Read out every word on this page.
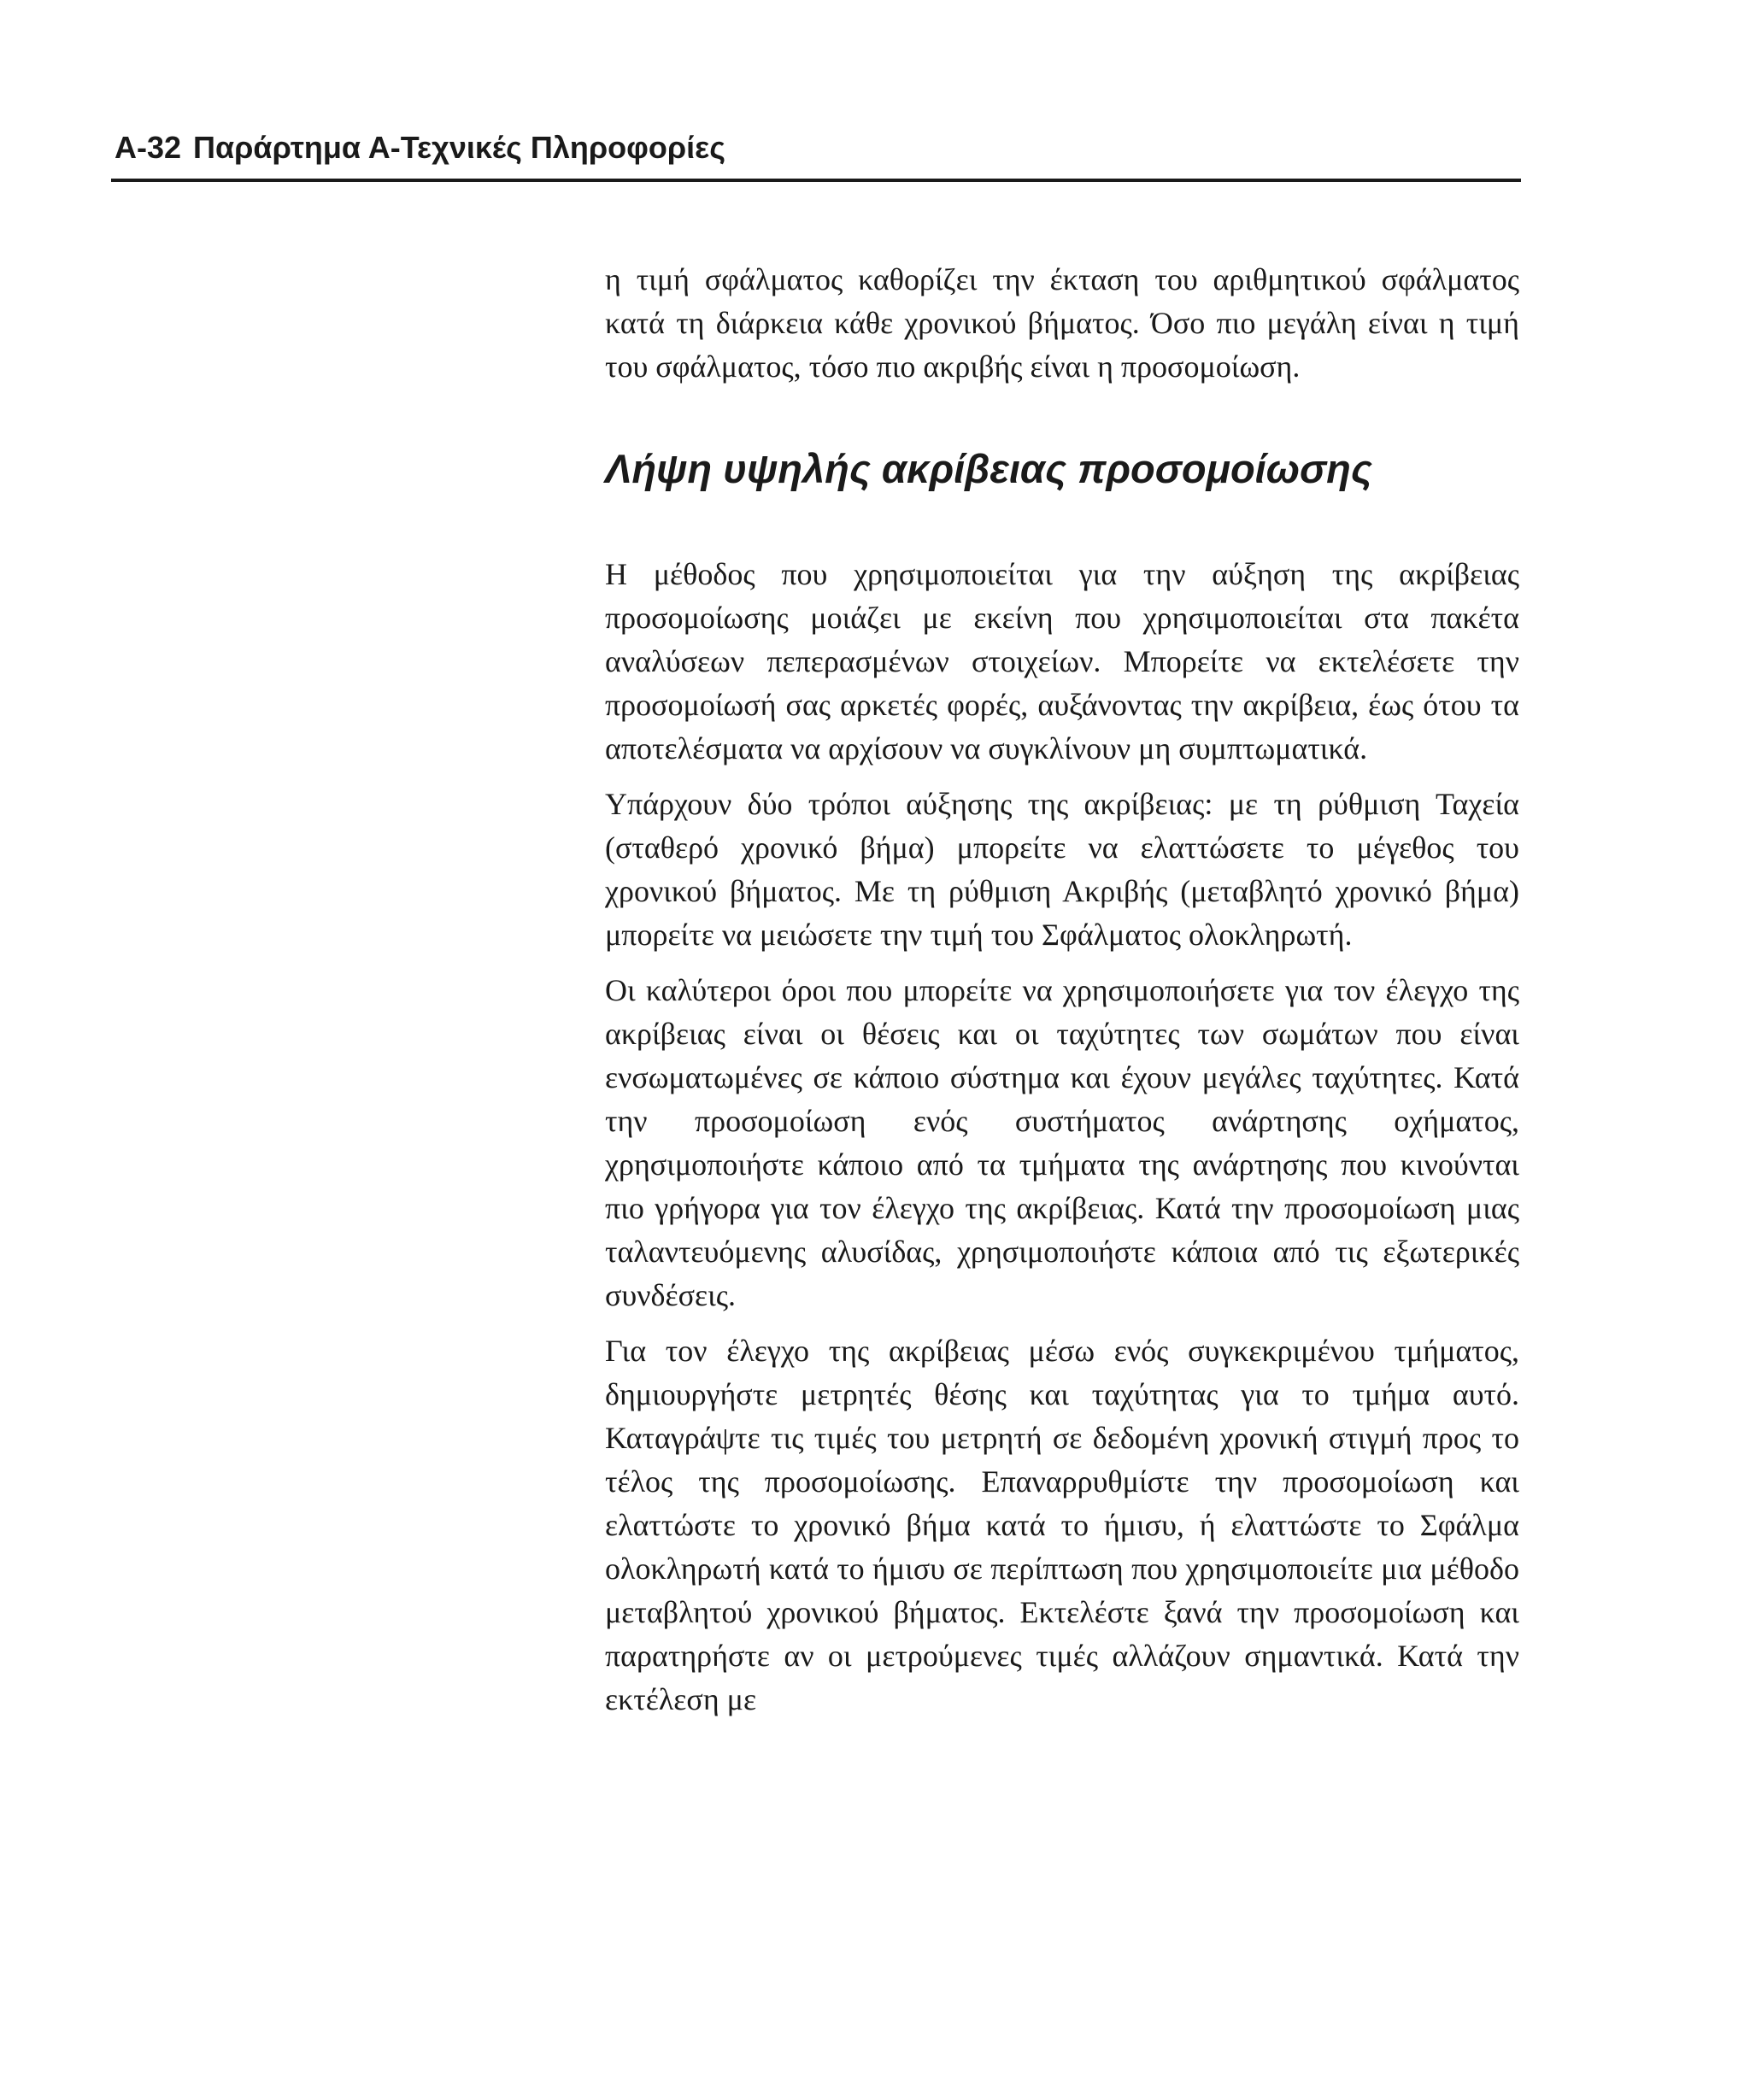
A-32 Παράρτημα Α-Τεχνικές Πληροφορίες

η τιμή σφάλματος καθορίζει την έκταση του αριθμητικού σφάλματος κατά τη διάρκεια κάθε χρονικού βήματος. Όσο πιο μεγάλη είναι η τιμή του σφάλματος, τόσο πιο ακριβής είναι η προσομοίωση.

Λήψη υψηλής ακρίβειας προσομοίωσης

Η μέθοδος που χρησιμοποιείται για την αύξηση της ακρίβειας προσομοίωσης μοιάζει με εκείνη που χρησιμοποιείται στα πακέτα αναλύσεων πεπερασμένων στοιχείων. Μπορείτε να εκτελέσετε την προσομοίωσή σας αρκετές φορές, αυξάνοντας την ακρίβεια, έως ότου τα αποτελέσματα να αρχίσουν να συγκλίνουν μη συμπτωματικά.

Υπάρχουν δύο τρόποι αύξησης της ακρίβειας: με τη ρύθμιση Ταχεία (σταθερό χρονικό βήμα) μπορείτε να ελαττώσετε το μέγεθος του χρονικού βήματος. Με τη ρύθμιση Ακριβής (μεταβλητό χρονικό βήμα) μπορείτε να μειώσετε την τιμή του Σφάλματος ολοκληρωτή.

Οι καλύτεροι όροι που μπορείτε να χρησιμοποιήσετε για τον έλεγχο της ακρίβειας είναι οι θέσεις και οι ταχύτητες των σωμάτων που είναι ενσωματωμένες σε κάποιο σύστημα και έχουν μεγάλες ταχύτητες. Κατά την προσομοίωση ενός συστήματος ανάρτησης οχήματος, χρησιμοποιήστε κάποιο από τα τμήματα της ανάρτησης που κινούνται πιο γρήγορα για τον έλεγχο της ακρίβειας. Κατά την προσομοίωση μιας ταλαντευόμενης αλυσίδας, χρησιμοποιήστε κάποια από τις εξωτερικές συνδέσεις.

Για τον έλεγχο της ακρίβειας μέσω ενός συγκεκριμένου τμήματος, δημιουργήστε μετρητές θέσης και ταχύτητας για το τμήμα αυτό. Καταγράψτε τις τιμές του μετρητή σε δεδομένη χρονική στιγμή προς το τέλος της προσομοίωσης. Επαναρρυθμίστε την προσομοίωση και ελαττώστε το χρονικό βήμα κατά το ήμισυ, ή ελαττώστε το Σφάλμα ολοκληρωτή κατά το ήμισυ σε περίπτωση που χρησιμοποιείτε μια μέθοδο μεταβλητού χρονικού βήματος. Εκτελέστε ξανά την προσομοίωση και παρατηρήστε αν οι μετρούμενες τιμές αλλάζουν σημαντικά. Κατά την εκτέλεση με
